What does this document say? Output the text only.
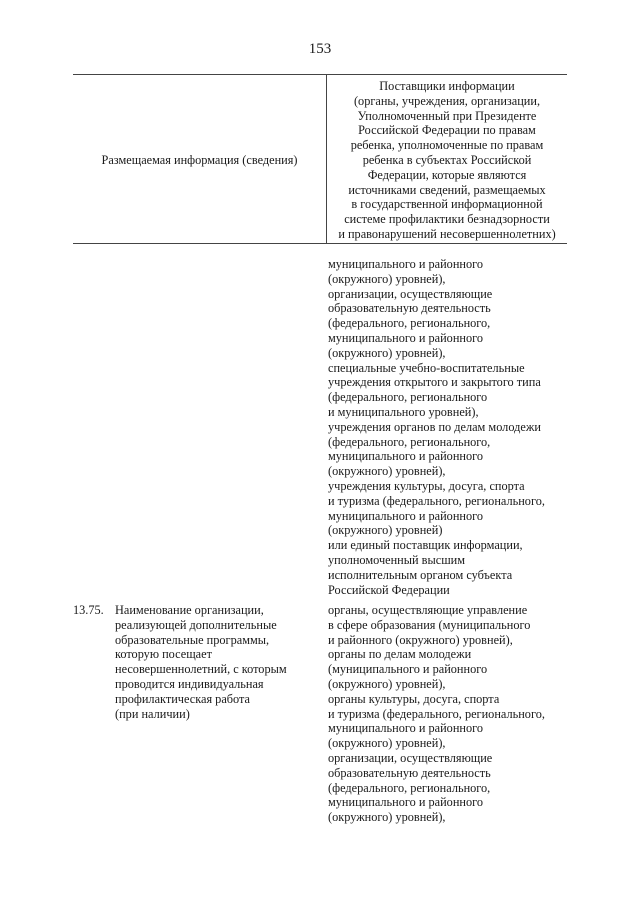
153
Размещаемая информация (сведения)
Поставщики информации
(органы, учреждения, организации,
Уполномоченный при Президенте
Российской Федерации по правам
ребенка, уполномоченные по правам
ребенка в субъектах Российской
Федерации, которые являются
источниками сведений, размещаемых
в государственной информационной
системе профилактики безнадзорности
и правонарушений несовершеннолетних)
муниципального и районного
(окружного) уровней),
организации, осуществляющие
образовательную деятельность
(федерального, регионального,
муниципального и районного
(окружного) уровней),
специальные учебно-воспитательные
учреждения открытого и закрытого типа
(федерального, регионального
и муниципального уровней),
учреждения органов по делам молодежи
(федерального, регионального,
муниципального и районного
(окружного) уровней),
учреждения культуры, досуга, спорта
и туризма (федерального, регионального,
муниципального и районного
(окружного) уровней)
или единый поставщик информации,
уполномоченный высшим
исполнительным органом субъекта
Российской Федерации
13.75. Наименование организации,
реализующей дополнительные
образовательные программы,
которую посещает
несовершеннолетний, с которым
проводится индивидуальная
профилактическая работа
(при наличии)
органы, осуществляющие управление
в сфере образования (муниципального
и районного (окружного) уровней),
органы по делам молодежи
(муниципального и районного
(окружного) уровней),
органы культуры, досуга, спорта
и туризма (федерального, регионального,
муниципального и районного
(окружного) уровней),
организации, осуществляющие
образовательную деятельность
(федерального, регионального,
муниципального и районного
(окружного) уровней),
